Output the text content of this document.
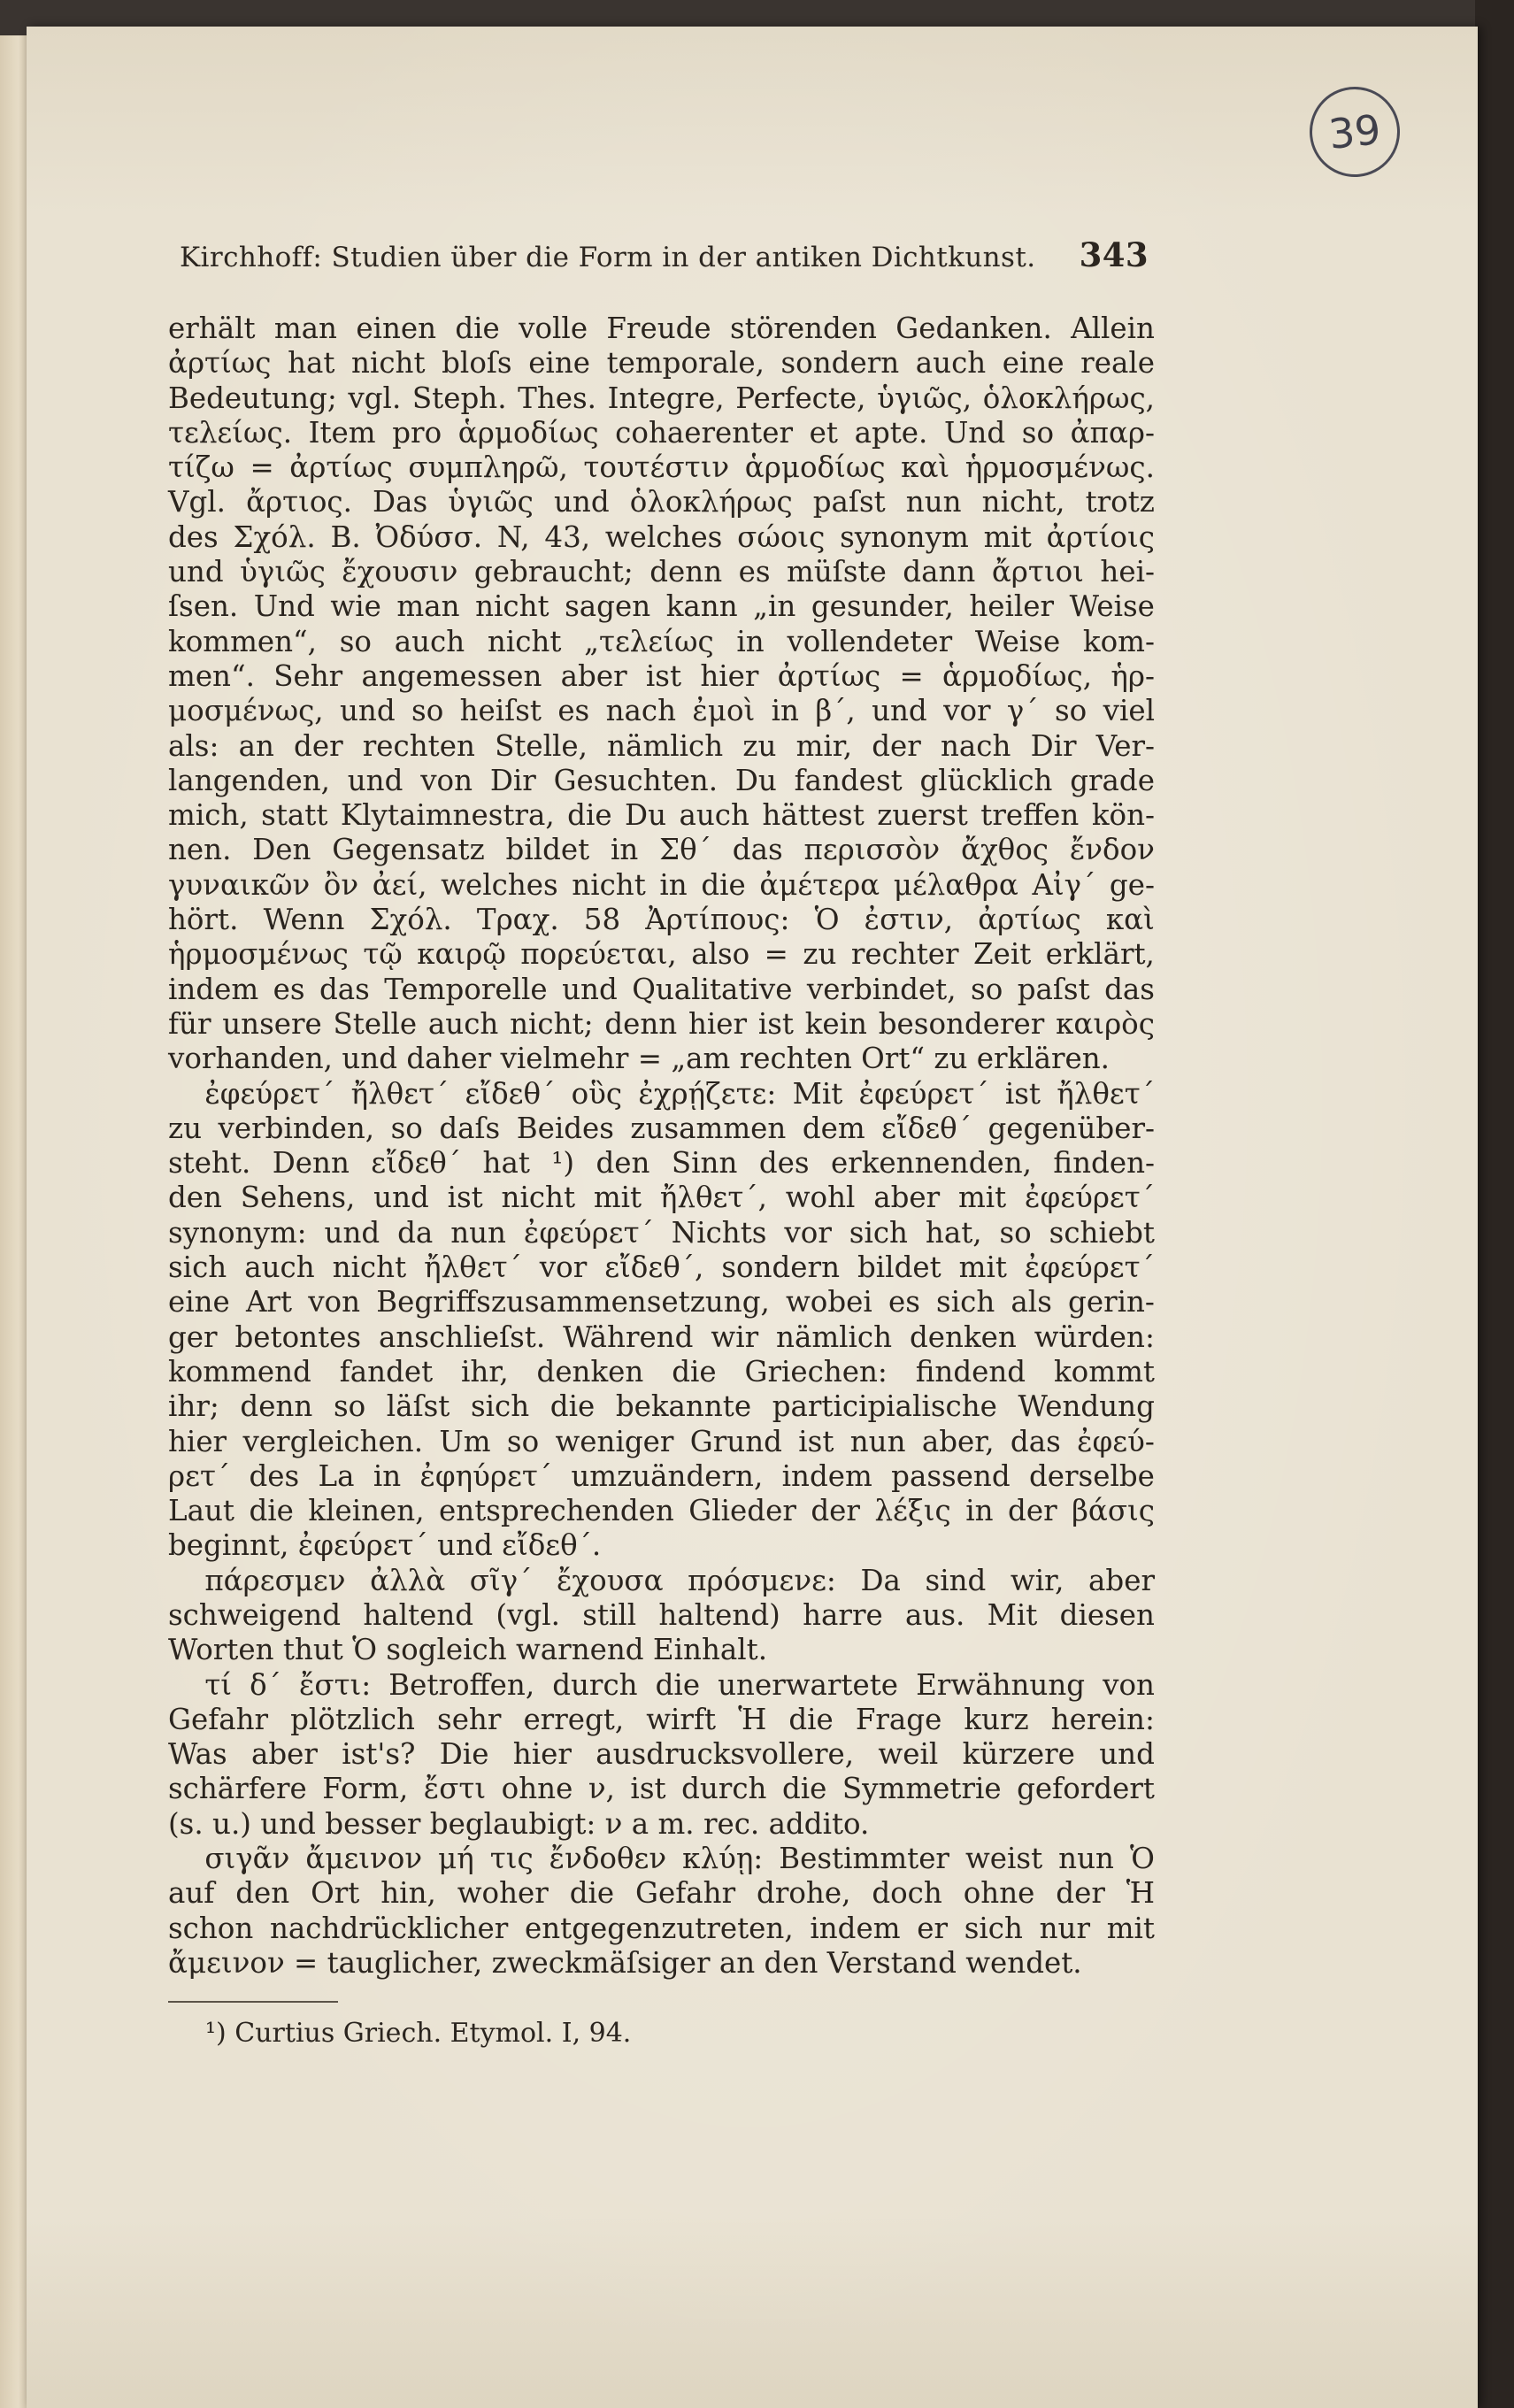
39
Kirchhoff: Studien über die Form in der antiken Dichtkunst. 343
erhält man einen die volle Freude störenden Gedanken. Allein
ἀρτίως hat nicht bloſs eine temporale, sondern auch eine reale
Bedeutung; vgl. Steph. Thes. Integre, Perfecte, ὑγιῶς, ὁλοκλήρως,
τελείως. Item pro ἁρμοδίως cohaerenter et apte. Und so ἀπαρ-
τίζω = ἀρτίως συμπληρῶ, τουτέστιν ἁρμοδίως καὶ ἡρμοσμένως.
Vgl. ἄρτιος. Das ὑγιῶς und ὁλοκλήρως paſst nun nicht, trotz
des Σχόλ. B. Ὀδύσσ. N, 43, welches σώοις synonym mit ἀρτίοις
und ὑγιῶς ἔχουσιν gebraucht; denn es müſste dann ἄρτιοι hei-
ſsen. Und wie man nicht sagen kann „in gesunder, heiler Weise
kommen“, so auch nicht „τελείως in vollendeter Weise kom-
men“. Sehr angemessen aber ist hier ἀρτίως = ἁρμοδίως, ἡρ-
μοσμένως, und so heiſst es nach ἐμοὶ in β΄, und vor γ΄ so viel
als: an der rechten Stelle, nämlich zu mir, der nach Dir Ver-
langenden, und von Dir Gesuchten. Du fandest glücklich grade
mich, statt Klytaimnestra, die Du auch hättest zuerst treffen kön-
nen. Den Gegensatz bildet in Σθ΄ das περισσὸν ἄχθος ἔνδον
γυναικῶν ὂν ἀεί, welches nicht in die ἀμέτερα μέλαθρα Αἰγ΄ ge-
hört. Wenn Σχόλ. Τραχ. 58 Ἀρτίπους: Ὁ ἐστιν, ἀρτίως καὶ
ἡρμοσμένως τῷ καιρῷ πορεύεται, also = zu rechter Zeit erklärt,
indem es das Temporelle und Qualitative verbindet, so paſst das
für unsere Stelle auch nicht; denn hier ist kein besonderer καιρὸς
vorhanden, und daher vielmehr = „am rechten Ort“ zu erklären.
ἐφεύρετ΄ ἤλθετ΄ εἴδεθ΄ οὓς ἐχρῄζετε: Mit ἐφεύρετ΄ ist ἤλθετ΄
zu verbinden, so daſs Beides zusammen dem εἴδεθ΄ gegenüber-
steht. Denn εἴδεθ΄ hat ¹) den Sinn des erkennenden, finden-
den Sehens, und ist nicht mit ἤλθετ΄, wohl aber mit ἐφεύρετ΄
synonym: und da nun ἐφεύρετ΄ Nichts vor sich hat, so schiebt
sich auch nicht ἤλθετ΄ vor εἴδεθ΄, sondern bildet mit ἐφεύρετ΄
eine Art von Begriffszusammensetzung, wobei es sich als gerin-
ger betontes anschlieſst. Während wir nämlich denken würden:
kommend fandet ihr, denken die Griechen: findend kommt
ihr; denn so läſst sich die bekannte participialische Wendung
hier vergleichen. Um so weniger Grund ist nun aber, das ἐφεύ-
ρετ΄ des La in ἐφηύρετ΄ umzuändern, indem passend derselbe
Laut die kleinen, entsprechenden Glieder der λέξις in der βάσις
beginnt, ἐφεύρετ΄ und εἴδεθ΄.
πάρεσμεν ἀλλὰ σῖγ΄ ἔχουσα πρόσμενε: Da sind wir, aber
schweigend haltend (vgl. still haltend) harre aus. Mit diesen
Worten thut Ὁ sogleich warnend Einhalt.
τί δ΄ ἔστι: Betroffen, durch die unerwartete Erwähnung von
Gefahr plötzlich sehr erregt, wirft Ἡ die Frage kurz herein:
Was aber ist's? Die hier ausdrucksvollere, weil kürzere und
schärfere Form, ἔστι ohne ν, ist durch die Symmetrie gefordert
(s. u.) und besser beglaubigt: ν a m. rec. addito.
σιγᾶν ἄμεινον μή τις ἔνδοθεν κλύῃ: Bestimmter weist nun Ὁ
auf den Ort hin, woher die Gefahr drohe, doch ohne der Ἡ
schon nachdrücklicher entgegenzutreten, indem er sich nur mit
ἄμεινον = tauglicher, zweckmäſsiger an den Verstand wendet.
¹) Curtius Griech. Etymol. I, 94.
